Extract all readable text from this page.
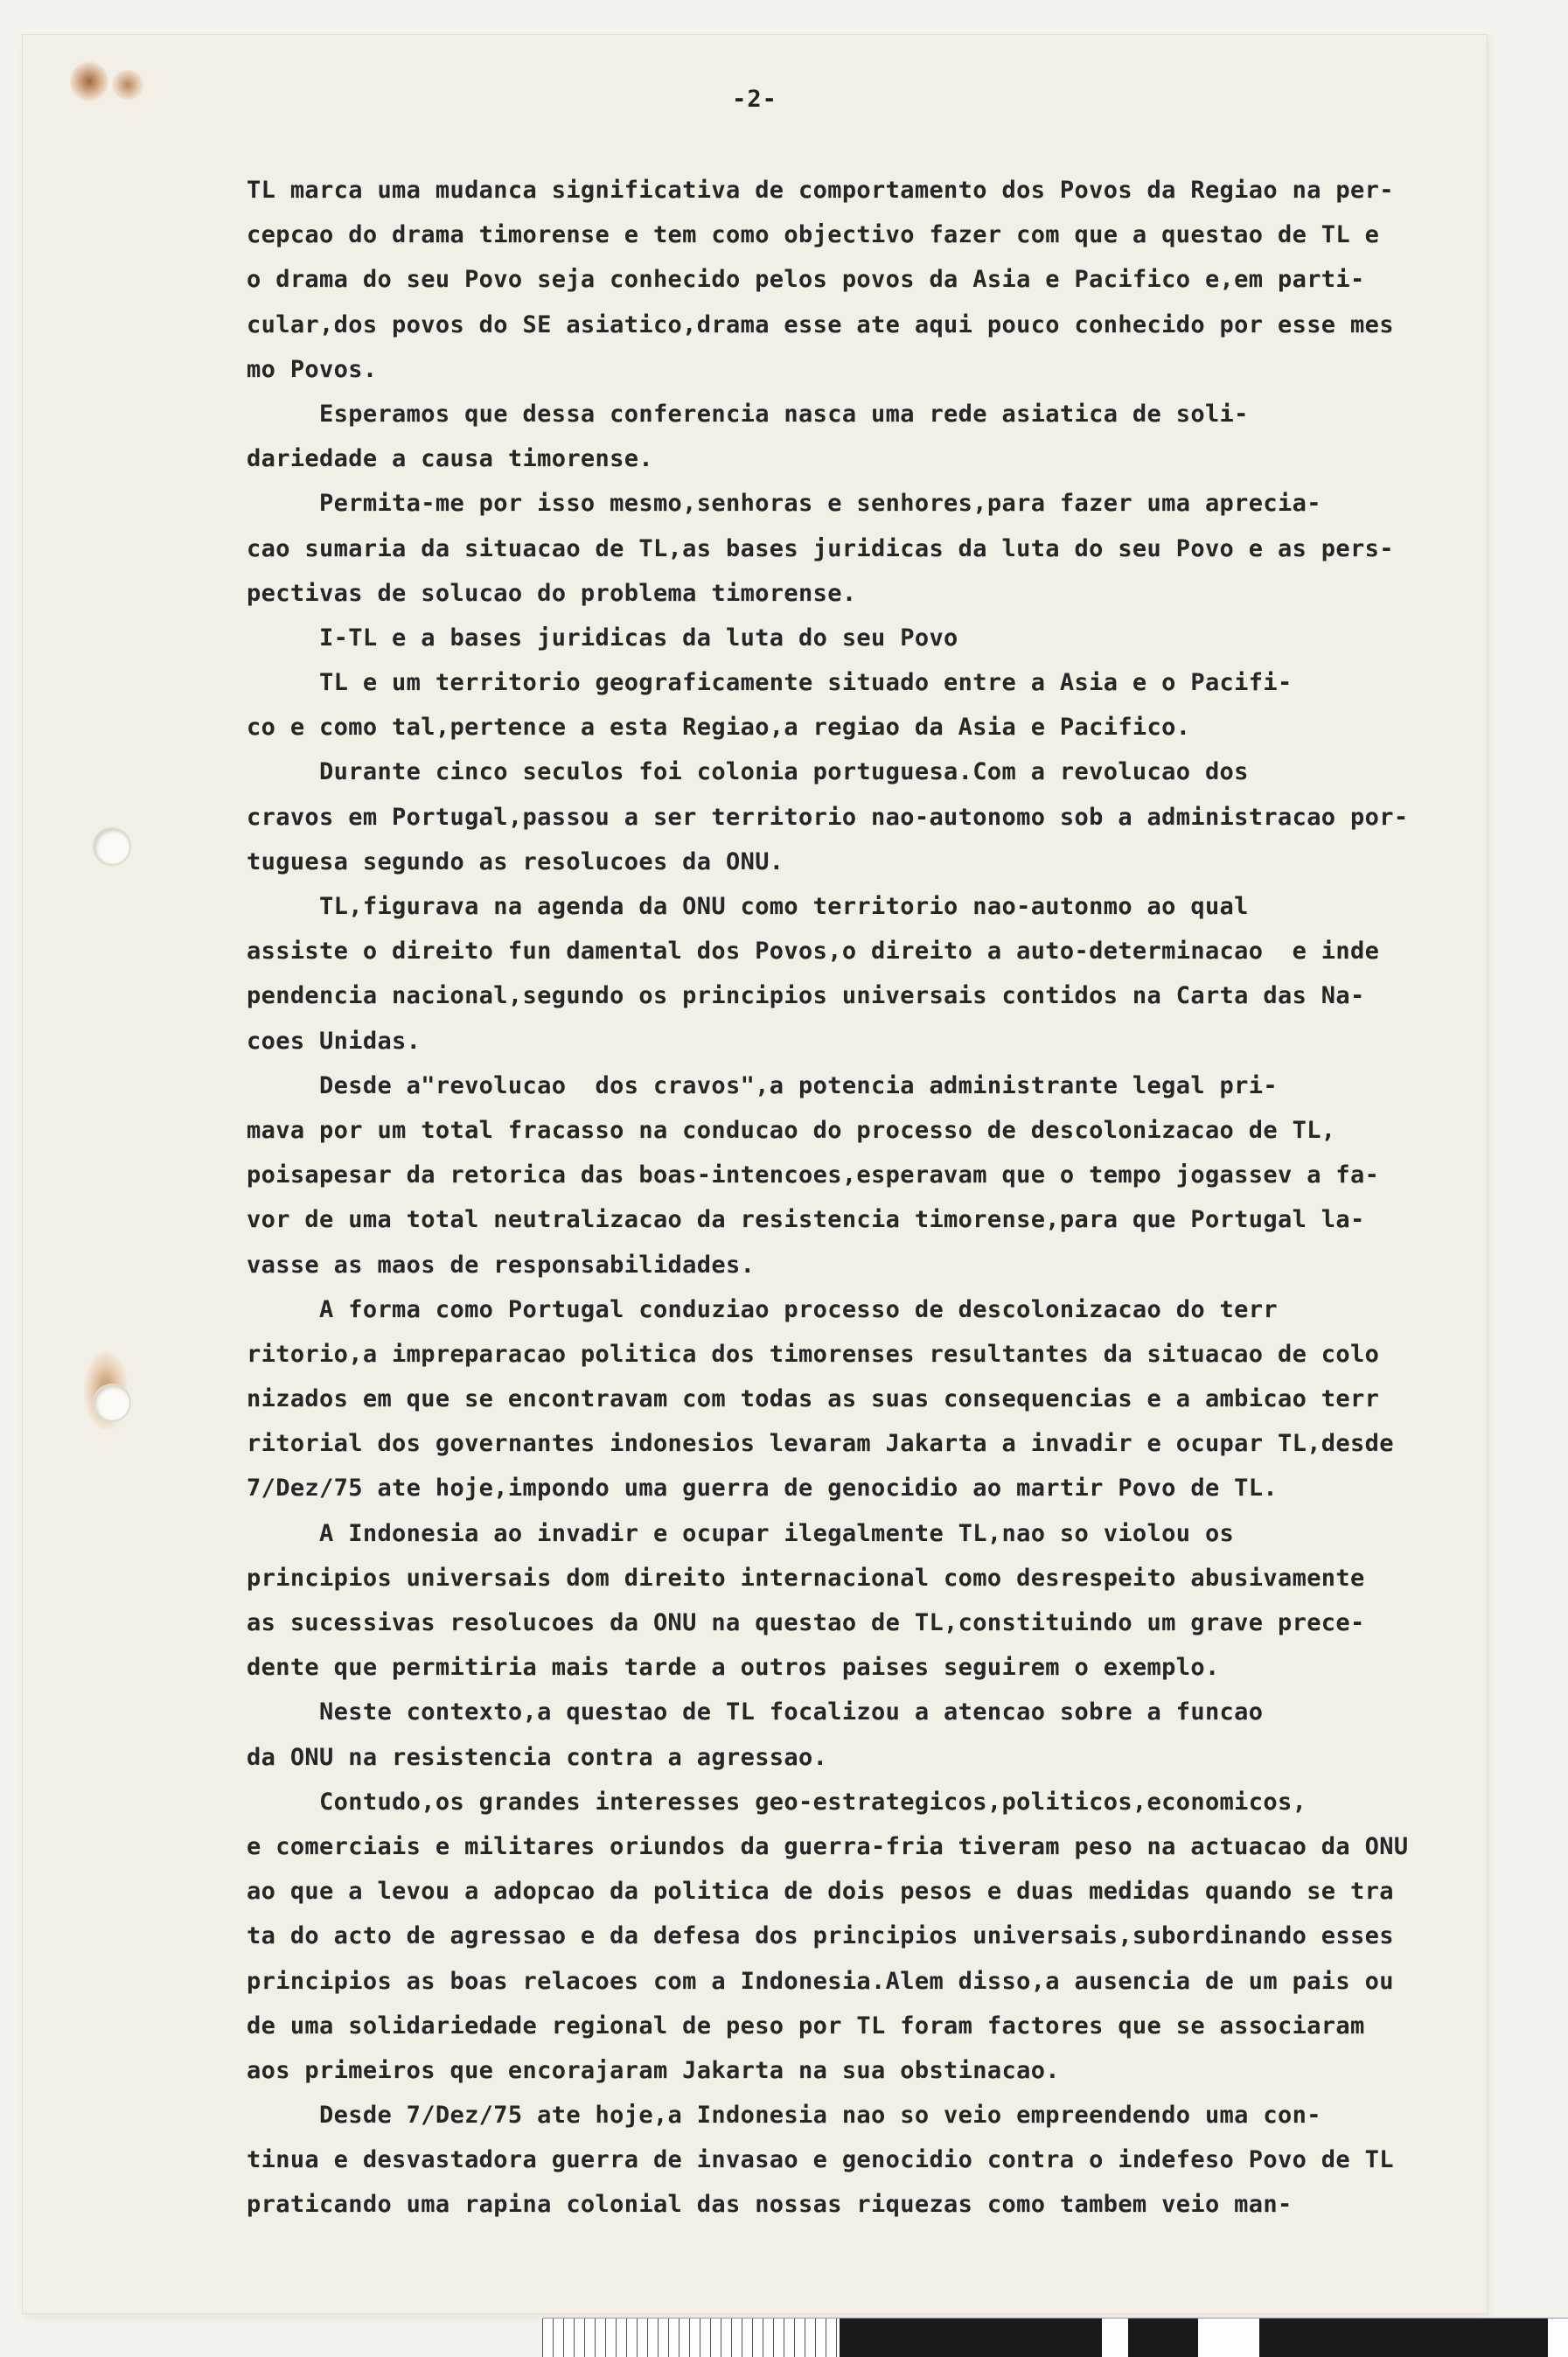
-2-
TL marca uma mudanca significativa de comportamento dos Povos da Regiao na per-
cepcao do drama timorense e tem como objectivo fazer com que a questao de TL e
o drama do seu Povo seja conhecido pelos povos da Asia e Pacifico e,em parti-
cular,dos povos do SE asiatico,drama esse ate aqui pouco conhecido por esse mes
mo Povos.
Esperamos que dessa conferencia nasca uma rede asiatica de soli-
dariedade a causa timorense.
Permita-me por isso mesmo,senhoras e senhores,para fazer uma aprecia-
cao sumaria da situacao de TL,as bases juridicas da luta do seu Povo e as pers-
pectivas de solucao do problema timorense.
I-TL e a bases juridicas da luta do seu Povo
TL e um territorio geograficamente situado entre a Asia e o Pacifi-
co e como tal,pertence a esta Regiao,a regiao da Asia e Pacifico.
Durante cinco seculos foi colonia portuguesa.Com a revolucao dos
cravos em Portugal,passou a ser territorio nao-autonomo sob a administracao por-
tuguesa segundo as resolucoes da ONU.
TL,figurava na agenda da ONU como territorio nao-autonmo ao qual
assiste o direito fun damental dos Povos,o direito a auto-determinacao  e inde
pendencia nacional,segundo os principios universais contidos na Carta das Na-
coes Unidas.
Desde a"revolucao  dos cravos",a potencia administrante legal pri-
mava por um total fracasso na conducao do processo de descolonizacao de TL,
poisapesar da retorica das boas-intencoes,esperavam que o tempo jogassev a fa-
vor de uma total neutralizacao da resistencia timorense,para que Portugal la-
vasse as maos de responsabilidades.
A forma como Portugal conduziao processo de descolonizacao do terr
ritorio,a impreparacao politica dos timorenses resultantes da situacao de colo
nizados em que se encontravam com todas as suas consequencias e a ambicao terr
ritorial dos governantes indonesios levaram Jakarta a invadir e ocupar TL,desde
7/Dez/75 ate hoje,impondo uma guerra de genocidio ao martir Povo de TL.
A Indonesia ao invadir e ocupar ilegalmente TL,nao so violou os
principios universais dom direito internacional como desrespeito abusivamente
as sucessivas resolucoes da ONU na questao de TL,constituindo um grave prece-
dente que permitiria mais tarde a outros paises seguirem o exemplo.
Neste contexto,a questao de TL focalizou a atencao sobre a funcao
da ONU na resistencia contra a agressao.
Contudo,os grandes interesses geo-estrategicos,politicos,economicos,
e comerciais e militares oriundos da guerra-fria tiveram peso na actuacao da ONU
ao que a levou a adopcao da politica de dois pesos e duas medidas quando se tra
ta do acto de agressao e da defesa dos principios universais,subordinando esses
principios as boas relacoes com a Indonesia.Alem disso,a ausencia de um pais ou
de uma solidariedade regional de peso por TL foram factores que se associaram
aos primeiros que encorajaram Jakarta na sua obstinacao.
Desde 7/Dez/75 ate hoje,a Indonesia nao so veio empreendendo uma con-
tinua e desvastadora guerra de invasao e genocidio contra o indefeso Povo de TL
praticando uma rapina colonial das nossas riquezas como tambem veio man-
